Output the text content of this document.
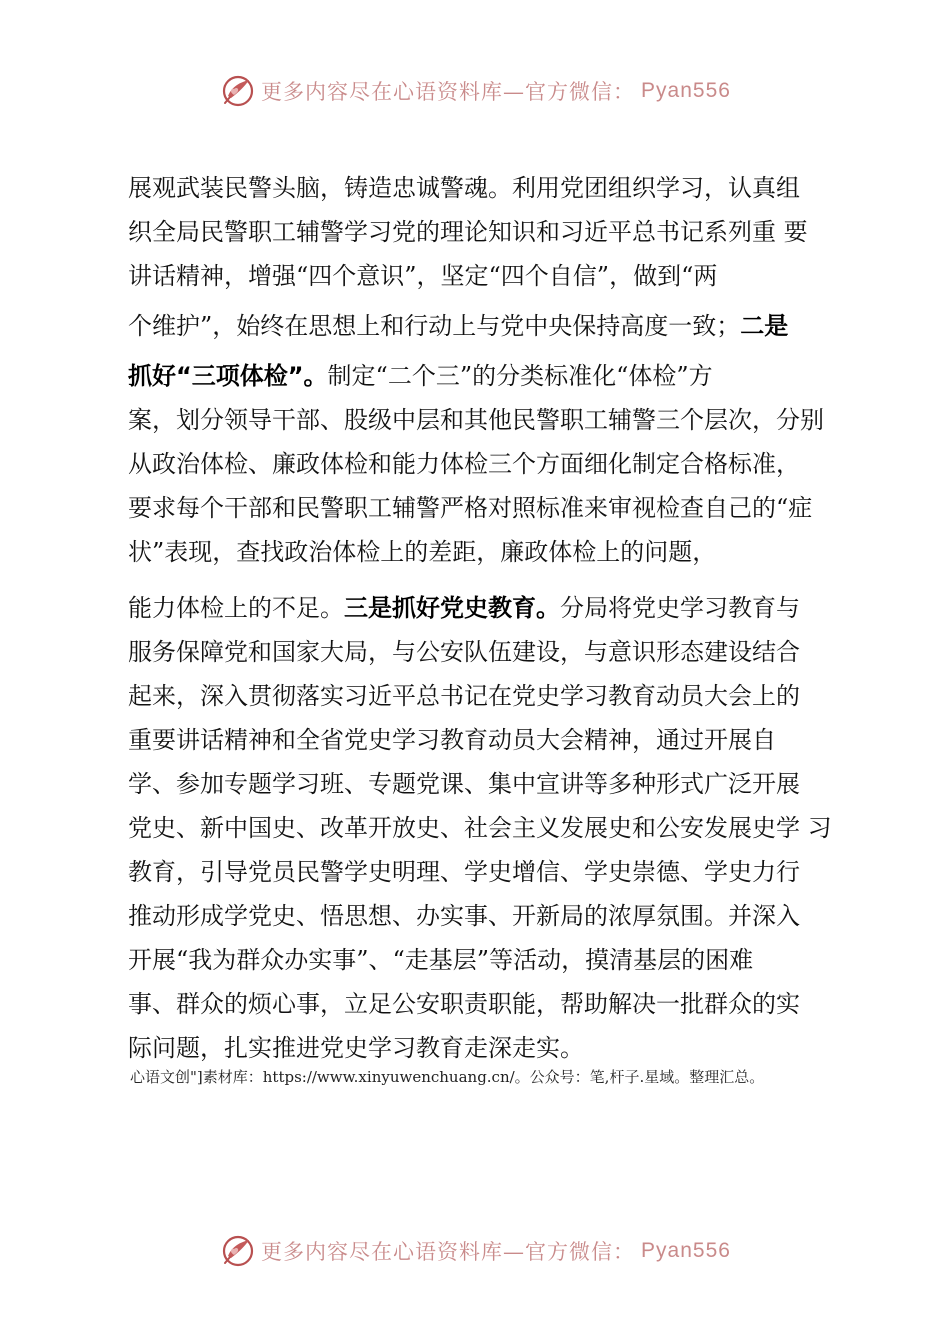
更多内容尽在心语资料库—官方微信： Pyan556
展观武装民警头脑，铸造忠诚警魂。利用党团组织学习，认真组
织全局民警职工辅警学习党的理论知识和习近平总书记系列重 要
讲话精神，增强“四个意识”，坚定“四个自信”，做到“两
个维护”，始终在思想上和行动上与党中央保持高度一致；二是
抓好“三项体检”。制定“二个三”的分类标准化“体检”方
案，划分领导干部、股级中层和其他民警职工辅警三个层次，分别
从政治体检、廉政体检和能力体检三个方面细化制定合格标准，
要求每个干部和民警职工辅警严格对照标准来审视检查自己的“症
状”表现，查找政治体检上的差距，廉政体检上的问题，
能力体检上的不足。三是抓好党史教育。分局将党史学习教育与
服务保障党和国家大局，与公安队伍建设，与意识形态建设结合
起来，深入贯彻落实习近平总书记在党史学习教育动员大会上的
重要讲话精神和全省党史学习教育动员大会精神，通过开展自
学、参加专题学习班、专题党课、集中宣讲等多种形式广泛开展
党史、新中国史、改革开放史、社会主义发展史和公安发展史学 习
教育，引导党员民警学史明理、学史增信、学史崇德、学史力行
推动形成学党史、悟思想、办实事、开新局的浓厚氛围。并深入
开展“我为群众办实事”、“走基层”等活动，摸清基层的困难
事、群众的烦心事，立足公安职责职能，帮助解决一批群众的实
际问题，扎实推进党史学习教育走深走实。
心语文创"]素材库：https://www.xinyuwenchuang.cn/。公众号：笔,杆子.星域。整理汇总。
更多内容尽在心语资料库—官方微信： Pyan556
